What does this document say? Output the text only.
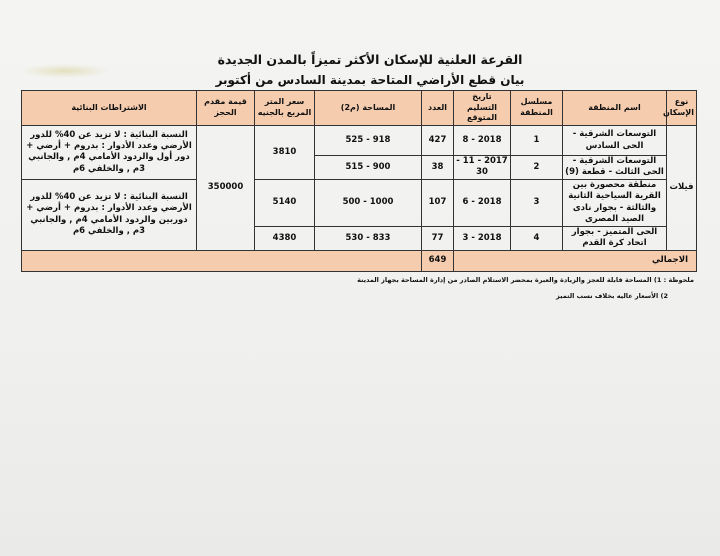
القرعة العلنية للإسكان الأكثر تميزاً بالمدن الجديدة
بيان قطع الأراضي المتاحة بمدينة السادس من أكتوبر
نوع الإسكان	اسم المنطقة	مسلسل المنطقة	تاريخ التسليم المتوقع	العدد	المساحة (م2)	سعر المتر المربع بالجنيه	قيمة مقدم الحجز	الاشتراطات البنائية
فيلات	التوسعات الشرقية - الحى السادس	1	2018 - 8	427	918 - 525	3810	350000	النسبة البنائية : لا تزيد عن 40% للدور الأرضي وعدد الأدوار : بدروم + أرضي + دور أول والردود الأمامي 4م , والجانبي 3م , والخلفي 6م
	التوسعات الشرقية - الحى الثالث - قطعة (9)	2	2017 - 11 - 30	38	900 - 515			
	منطقة محصورة بين القرية السياحية الثانية والثالثة - بجوار نادى الصيد المصرى	3	2018 - 6	107	1000 - 500	5140		النسبة البنائية : لا تزيد عن 40% للدور الأرضي وعدد الأدوار : بدروم + أرضي + دوربين والردود الأمامي 4م , والجانبي 3م , والخلفي 6م
	الحى المتميز - بجوار اتحاد كرة القدم	4	2018 - 3	77	833 - 530	4380		
الاجمالي				649				
ملحوظة : 1) المساحة قابلة للعجز والزيادة والعبرة بمحضر الاستلام الصادر من إدارة المساحة بجهاز المدينة
2) الأسعار عاليه بخلاف نسب التميز
